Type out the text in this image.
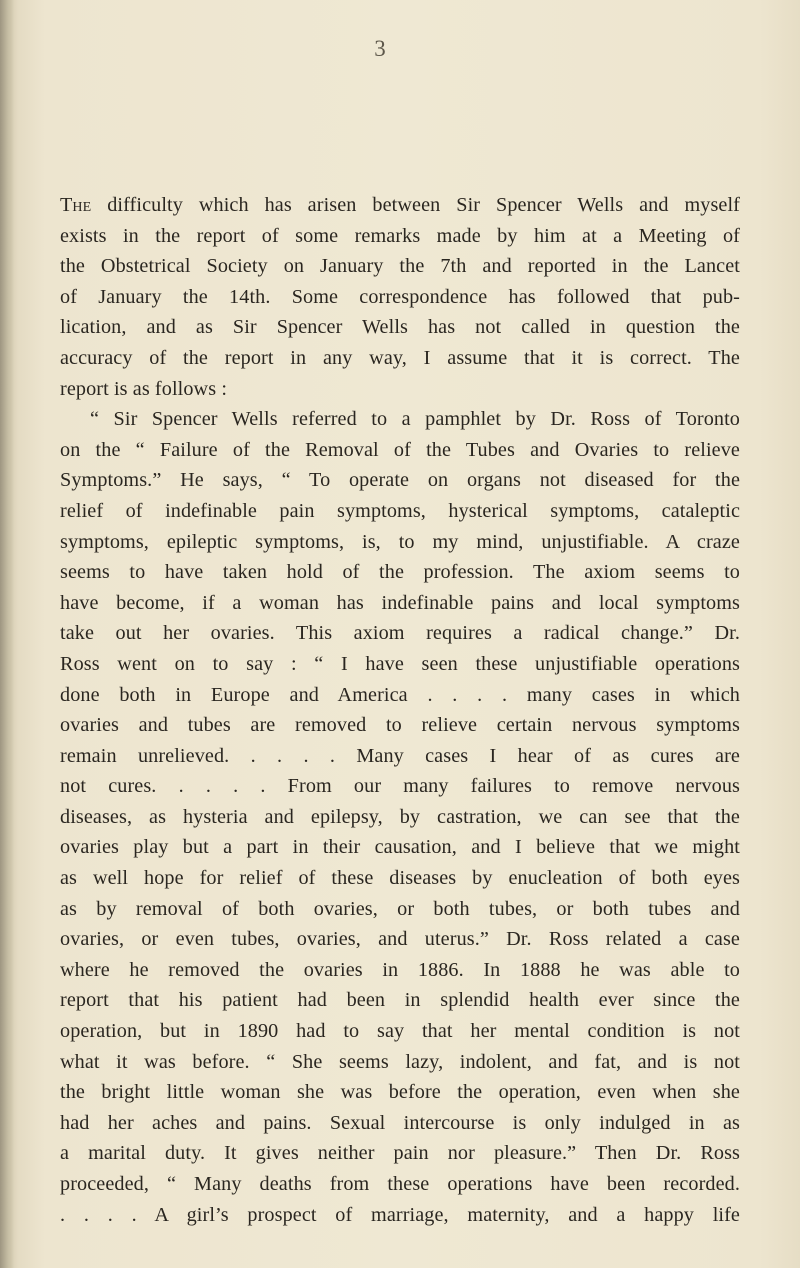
3
The difficulty which has arisen between Sir Spencer Wells and myself
exists in the report of some remarks made by him at a Meeting of
the Obstetrical Society on January the 7th and reported in the Lancet
of January the 14th. Some correspondence has followed that pub-
lication, and as Sir Spencer Wells has not called in question the
accuracy of the report in any way, I assume that it is correct. The
report is as follows :
“ Sir Spencer Wells referred to a pamphlet by Dr. Ross of Toronto
on the “ Failure of the Removal of the Tubes and Ovaries to relieve
Symptoms.” He says, “ To operate on organs not diseased for the
relief of indefinable pain symptoms, hysterical symptoms, cataleptic
symptoms, epileptic symptoms, is, to my mind, unjustifiable. A craze
seems to have taken hold of the profession. The axiom seems to
have become, if a woman has indefinable pains and local symptoms
take out her ovaries. This axiom requires a radical change.” Dr.
Ross went on to say : “ I have seen these unjustifiable operations
done both in Europe and America . . . . many cases in which
ovaries and tubes are removed to relieve certain nervous symptoms
remain unrelieved. . . . . Many cases I hear of as cures are
not cures. . . . . From our many failures to remove nervous
diseases, as hysteria and epilepsy, by castration, we can see that the
ovaries play but a part in their causation, and I believe that we might
as well hope for relief of these diseases by enucleation of both eyes
as by removal of both ovaries, or both tubes, or both tubes and
ovaries, or even tubes, ovaries, and uterus.” Dr. Ross related a case
where he removed the ovaries in 1886. In 1888 he was able to
report that his patient had been in splendid health ever since the
operation, but in 1890 had to say that her mental condition is not
what it was before. “ She seems lazy, indolent, and fat, and is not
the bright little woman she was before the operation, even when she
had her aches and pains. Sexual intercourse is only indulged in as
a marital duty. It gives neither pain nor pleasure.” Then Dr. Ross
proceeded, “ Many deaths from these operations have been recorded.
. . . . A girl’s prospect of marriage, maternity, and a happy life
